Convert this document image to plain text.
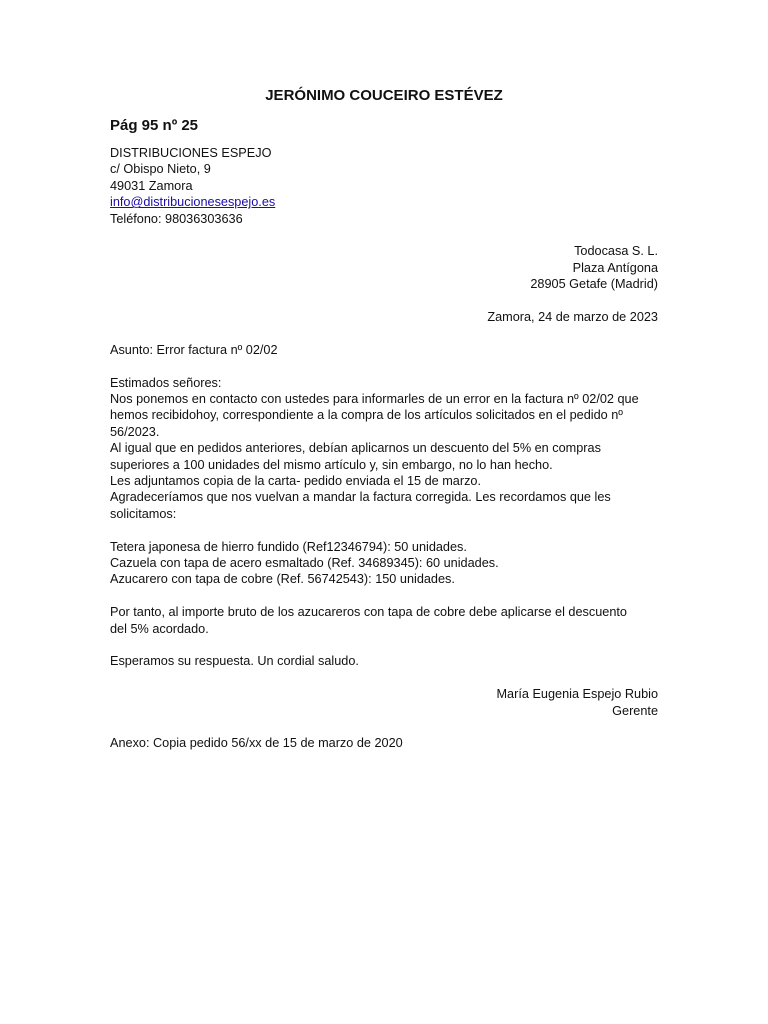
JERÓNIMO COUCEIRO ESTÉVEZ
Pág 95 nº 25
DISTRIBUCIONES ESPEJO
c/ Obispo Nieto, 9
49031 Zamora
info@distribucionesespejo.es
Teléfono: 98036303636
Todocasa S. L.
Plaza Antígona
28905 Getafe (Madrid)
Zamora, 24 de marzo de 2023
Asunto: Error factura nº 02/02
Estimados señores:
Nos ponemos en contacto con ustedes para informarles de un error en la factura nº 02/02 que
hemos recibidohoy, correspondiente a la compra de los artículos solicitados en el pedido nº
56/2023.
Al igual que en pedidos anteriores, debían aplicarnos un descuento del 5% en compras
superiores a 100 unidades del mismo artículo y, sin embargo, no lo han hecho.
Les adjuntamos copia de la carta- pedido enviada el 15 de marzo.
Agradeceríamos que nos vuelvan a mandar la factura corregida. Les recordamos que les
solicitamos:
Tetera japonesa de hierro fundido (Ref12346794): 50 unidades.
Cazuela con tapa de acero esmaltado (Ref. 34689345): 60 unidades.
Azucarero con tapa de cobre (Ref. 56742543): 150 unidades.
Por tanto, al importe bruto de los azucareros con tapa de cobre debe aplicarse el descuento
del 5% acordado.
Esperamos su respuesta. Un cordial saludo.
María Eugenia Espejo Rubio
Gerente
Anexo: Copia pedido 56/xx de 15 de marzo de 2020
